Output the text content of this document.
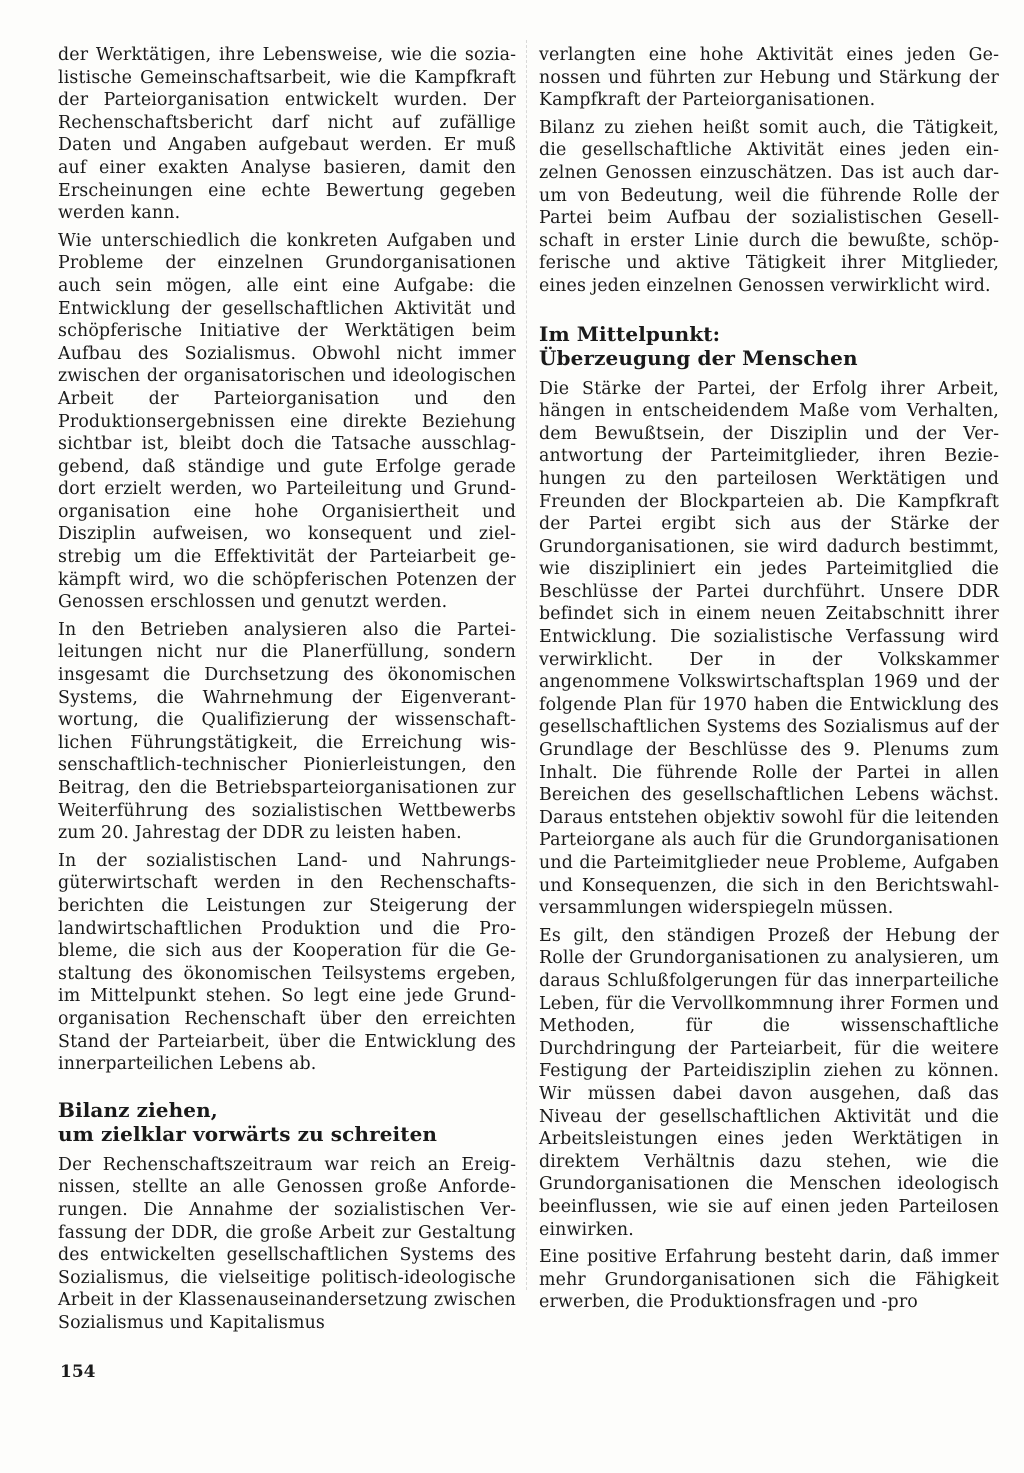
der Werktätigen, ihre Lebensweise, wie die sozialistische Gemeinschaftsarbeit, wie die Kampfkraft der Parteiorganisation entwickelt wurden. Der Rechenschaftsbericht darf nicht auf zufällige Daten und Angaben aufgebaut werden. Er muß auf einer exakten Analyse basieren, damit den Erscheinungen eine echte Bewertung gegeben werden kann.

Wie unterschiedlich die konkreten Aufgaben und Probleme der einzelnen Grundorganisationen auch sein mögen, alle eint eine Aufgabe: die Entwicklung der gesellschaftlichen Aktivität und schöpferische Initiative der Werktätigen beim Aufbau des Sozialismus. Obwohl nicht immer zwischen der organisatorischen und ideologischen Arbeit der Parteiorganisation und den Produktionsergebnissen eine direkte Beziehung sichtbar ist, bleibt doch die Tatsache ausschlaggebend, daß ständige und gute Erfolge gerade dort erzielt werden, wo Parteileitung und Grundorganisation eine hohe Organisiertheit und Disziplin aufweisen, wo konsequent und zielstrebig um die Effektivität der Parteiarbeit gekämpft wird, wo die schöpferischen Potenzen der Genossen erschlossen und genutzt werden.

In den Betrieben analysieren also die Parteileitungen nicht nur die Planerfüllung, sondern insgesamt die Durchsetzung des ökonomischen Systems, die Wahrnehmung der Eigenverantwortung, die Qualifizierung der wissenschaftlichen Führungstätigkeit, die Erreichung wissenschaftlich-technischer Pionierleistungen, den Beitrag, den die Betriebsparteiorganisationen zur Weiterführung des sozialistischen Wettbewerbs zum 20. Jahrestag der DDR zu leisten haben.

In der sozialistischen Land- und Nahrungsgüterwirtschaft werden in den Rechenschaftsberichten die Leistungen zur Steigerung der landwirtschaftlichen Produktion und die Probleme, die sich aus der Kooperation für die Gestaltung des ökonomischen Teilsystems ergeben, im Mittelpunkt stehen. So legt eine jede Grundorganisation Rechenschaft über den erreichten Stand der Parteiarbeit, über die Entwicklung des innerparteilichen Lebens ab.

Bilanz ziehen,
um zielklar vorwärts zu schreiten

Der Rechenschaftszeitraum war reich an Ereignissen, stellte an alle Genossen große Anforderungen. Die Annahme der sozialistischen Verfassung der DDR, die große Arbeit zur Gestaltung des entwickelten gesellschaftlichen Systems des Sozialismus, die vielseitige politisch-ideologische Arbeit in der Klassenauseinandersetzung zwischen Sozialismus und Kapitalismus

verlangten eine hohe Aktivität eines jeden Genossen und führten zur Hebung und Stärkung der Kampfkraft der Parteiorganisationen.

Bilanz zu ziehen heißt somit auch, die Tätigkeit, die gesellschaftliche Aktivität eines jeden einzelnen Genossen einzuschätzen. Das ist auch darum von Bedeutung, weil die führende Rolle der Partei beim Aufbau der sozialistischen Gesellschaft in erster Linie durch die bewußte, schöpferische und aktive Tätigkeit ihrer Mitglieder, eines jeden einzelnen Genossen verwirklicht wird.

Im Mittelpunkt:
Überzeugung der Menschen

Die Stärke der Partei, der Erfolg ihrer Arbeit, hängen in entscheidendem Maße vom Verhalten, dem Bewußtsein, der Disziplin und der Verantwortung der Parteimitglieder, ihren Beziehungen zu den parteilosen Werktätigen und Freunden der Blockparteien ab. Die Kampfkraft der Partei ergibt sich aus der Stärke der Grundorganisationen, sie wird dadurch bestimmt, wie diszipliniert ein jedes Parteimitglied die Beschlüsse der Partei durchführt. Unsere DDR befindet sich in einem neuen Zeitabschnitt ihrer Entwicklung. Die sozialistische Verfassung wird verwirklicht. Der in der Volkskammer angenommene Volkswirtschaftsplan 1969 und der folgende Plan für 1970 haben die Entwicklung des gesellschaftlichen Systems des Sozialismus auf der Grundlage der Beschlüsse des 9. Plenums zum Inhalt. Die führende Rolle der Partei in allen Bereichen des gesellschaftlichen Lebens wächst. Daraus entstehen objektiv sowohl für die leitenden Parteiorgane als auch für die Grundorganisationen und die Parteimitglieder neue Probleme, Aufgaben und Konsequenzen, die sich in den Berichtswahlversammlungen widerspiegeln müssen.

Es gilt, den ständigen Prozeß der Hebung der Rolle der Grundorganisationen zu analysieren, um daraus Schlußfolgerungen für das innerparteiliche Leben, für die Vervollkommnung ihrer Formen und Methoden, für die wissenschaftliche Durchdringung der Parteiarbeit, für die weitere Festigung der Parteidisziplin ziehen zu können. Wir müssen dabei davon ausgehen, daß das Niveau der gesellschaftlichen Aktivität und die Arbeitsleistungen eines jeden Werktätigen in direktem Verhältnis dazu stehen, wie die Grundorganisationen die Menschen ideologisch beeinflussen, wie sie auf einen jeden Parteilosen einwirken.

Eine positive Erfahrung besteht darin, daß immer mehr Grundorganisationen sich die Fähigkeit erwerben, die Produktionsfragen und -pro

154
